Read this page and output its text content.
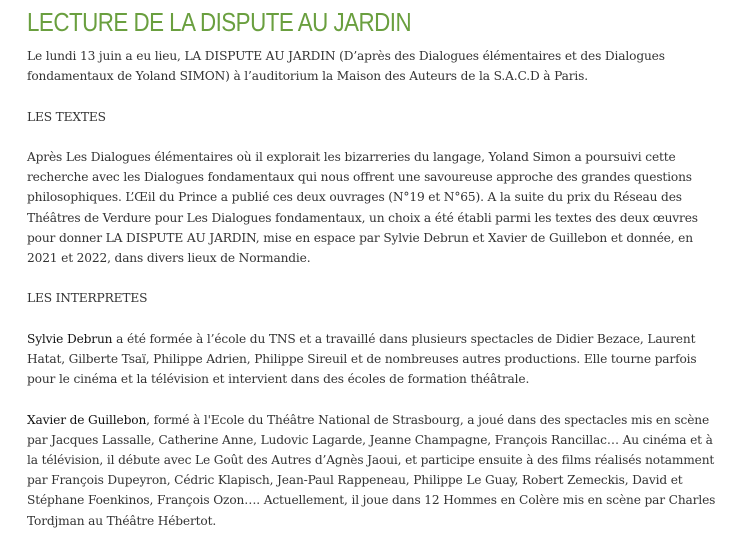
LECTURE DE LA DISPUTE AU JARDIN

Le lundi 13 juin a eu lieu, LA DISPUTE AU JARDIN (D’après des Dialogues élémentaires et des Dialogues fondamentaux de Yoland SIMON) à l’auditorium la Maison des Auteurs de la S.A.C.D à Paris.

LES TEXTES

Après Les Dialogues élémentaires où il explorait les bizarreries du langage, Yoland Simon a poursuivi cette recherche avec les Dialogues fondamentaux qui nous offrent une savoureuse approche des grandes questions philosophiques. L’Œil du Prince a publié ces deux ouvrages (N°19 et N°65). A la suite du prix du Réseau des Théâtres de Verdure pour Les Dialogues fondamentaux, un choix a été établi parmi les textes des deux œuvres pour donner LA DISPUTE AU JARDIN, mise en espace par Sylvie Debrun et Xavier de Guillebon et donnée, en 2021 et 2022, dans divers lieux de Normandie.

LES INTERPRETES

Sylvie Debrun a été formée à l’école du TNS et a travaillé dans plusieurs spectacles de Didier Bezace, Laurent Hatat, Gilberte Tsaï, Philippe Adrien, Philippe Sireuil et de nombreuses autres productions. Elle tourne parfois pour le cinéma et la télévision et intervient dans des écoles de formation théâtrale.

Xavier de Guillebon, formé à l'Ecole du Théâtre National de Strasbourg, a joué dans des spectacles mis en scène par Jacques Lassalle, Catherine Anne, Ludovic Lagarde, Jeanne Champagne, François Rancillac… Au cinéma et à la télévision, il débute avec Le Goût des Autres d’Agnès Jaoui, et participe ensuite à des films réalisés notamment par François Dupeyron, Cédric Klapisch, Jean-Paul Rappeneau, Philippe Le Guay, Robert Zemeckis, David et Stéphane Foenkinos, François Ozon…. Actuellement, il joue dans 12 Hommes en Colère mis en scène par Charles Tordjman au Théâtre Hébertot.
